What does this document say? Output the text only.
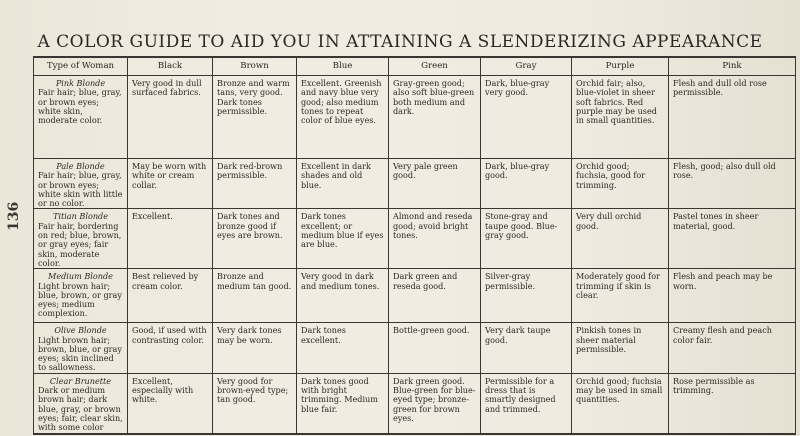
136
A COLOR GUIDE TO AID YOU IN ATTAINING A SLENDERIZING APPEARANCE
Type of Woman	Black	Brown	Blue	Green	Gray	Purple	Pink

Pink Blonde
Fair hair; blue, gray, or brown eyes; white skin, moderate color.	Very good in dull surfaced fabrics.	Bronze and warm tans, very good. Dark tones permissible.	Excellent. Greenish and navy blue very good; also medium tones to repeat color of blue eyes.	Gray-green good; also soft blue-green both medium and dark.	Dark, blue-gray very good.	Orchid fair; also, blue-violet in sheer soft fabrics. Red purple may be used in small quantities.	Flesh and dull old rose permissible.

Pale Blonde
Fair hair; blue, gray, or brown eyes; white skin with little or no color.	May be worn with white or cream collar.	Dark red-brown permissible.	Excellent in dark shades and old blue.	Very pale green good.	Dark, blue-gray good.	Orchid good; fuchsia, good for trimming.	Flesh, good; also dull old rose.

Titian Blonde
Fair hair, bordering on red; blue, brown, or gray eyes; fair skin, moderate color.	Excellent.	Dark tones and bronze good if eyes are brown.	Dark tones excellent; or medium blue if eyes are blue.	Almond and reseda good; avoid bright tones.	Stone-gray and taupe good. Blue-gray good.	Very dull orchid good.	Pastel tones in sheer material, good.

Medium Blonde
Light brown hair; blue, brown, or gray eyes; medium complexion.	Best relieved by cream color.	Bronze and medium tan good.	Very good in dark and medium tones.	Dark green and reseda good.	Silver-gray permissible.	Moderately good for trimming if skin is clear.	Flesh and peach may be worn.

Olive Blonde
Light brown hair; brown, blue, or gray eyes; skin inclined to sallowness.	Good, if used with contrasting color.	Very dark tones may be worn.	Dark tones excellent.	Bottle-green good.	Very dark taupe good.	Pinkish tones in sheer material permissible.	Creamy flesh and peach color fair.

Clear Brunette
Dark or medium brown hair; dark blue, gray, or brown eyes; fair, clear skin, with some color	Excellent, especially with white.	Very good for brown-eyed type; tan good.	Dark tones good with bright trimming. Medium blue fair.	Dark green good. Blue-green for blue-eyed type; bronze-green for brown eyes.	Permissible for a dress that is smartly designed and trimmed.	Orchid good; fuchsia may be used in small quantities.	Rose permissible as trimming.
